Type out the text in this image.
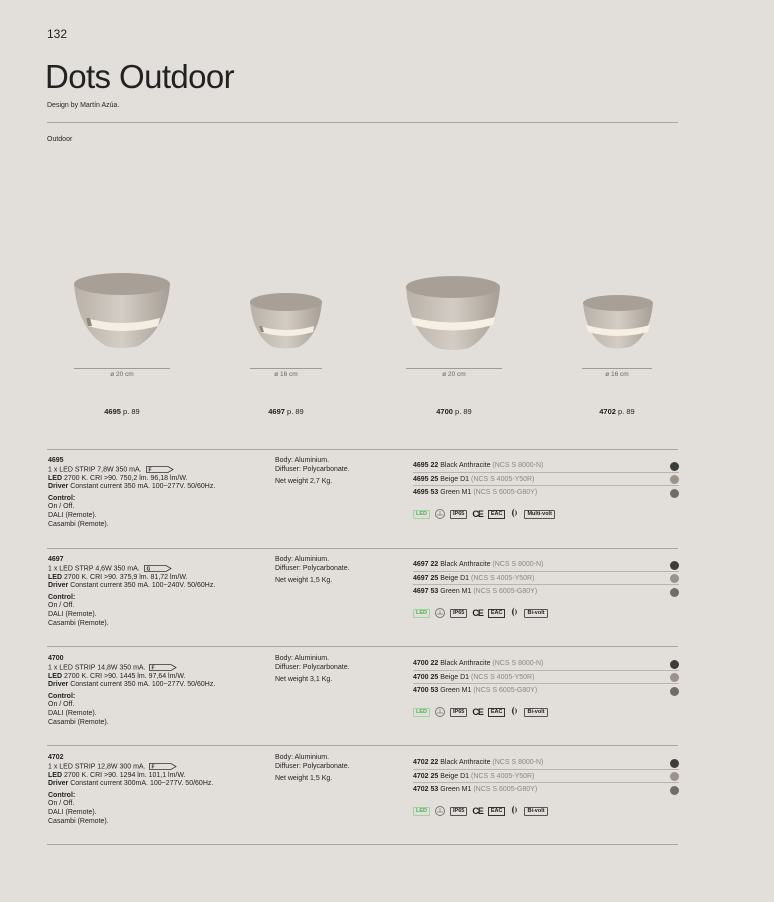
132
Dots Outdoor
Design by Martín Azúa.
Outdoor
ø 20 cm	ø 16 cm	ø 20 cm	ø 16 cm
4695 p. 89	4697 p. 89	4700 p. 89	4702 p. 89
4695
1 x LED STRIP 7,8W 350 mA. F
LED 2700 K. CRI >90. 750,2 lm. 96,18 lm/W.
Driver Constant current 350 mA. 100~277V. 50/60Hz.
Control:
On / Off.
DALI (Remote).
Casambi (Remote).
Body: Aluminium.
Diffuser: Polycarbonate.
Net weight 2,7 Kg.
4695 22 Black Anthracite (NCS S 8000-N)
4695 25 Beige D1 (NCS S 4005-Y50R)
4695 53 Green M1 (NCS S 6005-G80Y)
LED	IP65 CE	EAC	Multi-volt
4697
1 x LED STRP 4,6W 350 mA. G
LED 2700 K. CRI >90. 375,9 lm. 81,72 lm/W.
Driver Constant current 350 mA. 100~240V. 50/60Hz.
Control:
On / Off.
DALI (Remote).
Casambi (Remote).
Body: Aluminium.
Diffuser: Polycarbonate.
Net weight 1,5 Kg.
4697 22 Black Anthracite (NCS S 8000-N)
4697 25 Beige D1 (NCS S 4005-Y50R)
4697 53 Green M1 (NCS S 6005-G80Y)
LED	IP65 CE	EAC	Bi-volt
4700
1 x LED STRIP 14,8W 350 mA. F
LED 2700 K. CRI >90. 1445 lm. 97,64 lm/W.
Driver Constant current 350 mA. 100~277V. 50/60Hz.
Control:
On / Off.
DALI (Remote).
Casambi (Remote).
Body: Aluminium.
Diffuser: Polycarbonate.
Net weight 3,1 Kg.
4700 22 Black Anthracite (NCS S 8000-N)
4700 25 Beige D1 (NCS S 4005-Y50R)
4700 53 Green M1 (NCS S 6005-G80Y)
LED	IP65 CE	EAC	Bi-volt
4702
1 x LED STRIP 12,8W 300 mA. F
LED 2700 K. CRI >90. 1294 lm. 101,1 lm/W.
Driver Constant current 300mA. 100~277V. 50/60Hz.
Control:
On / Off.
DALI (Remote).
Casambi (Remote).
Body: Aluminium.
Diffuser: Polycarbonate.
Net weight 1,5 Kg.
4702 22 Black Anthracite (NCS S 8000-N)
4702 25 Beige D1 (NCS S 4005-Y50R)
4702 53 Green M1 (NCS S 6005-G80Y)
LED	IP65 CE	EAC	Bi-volt
